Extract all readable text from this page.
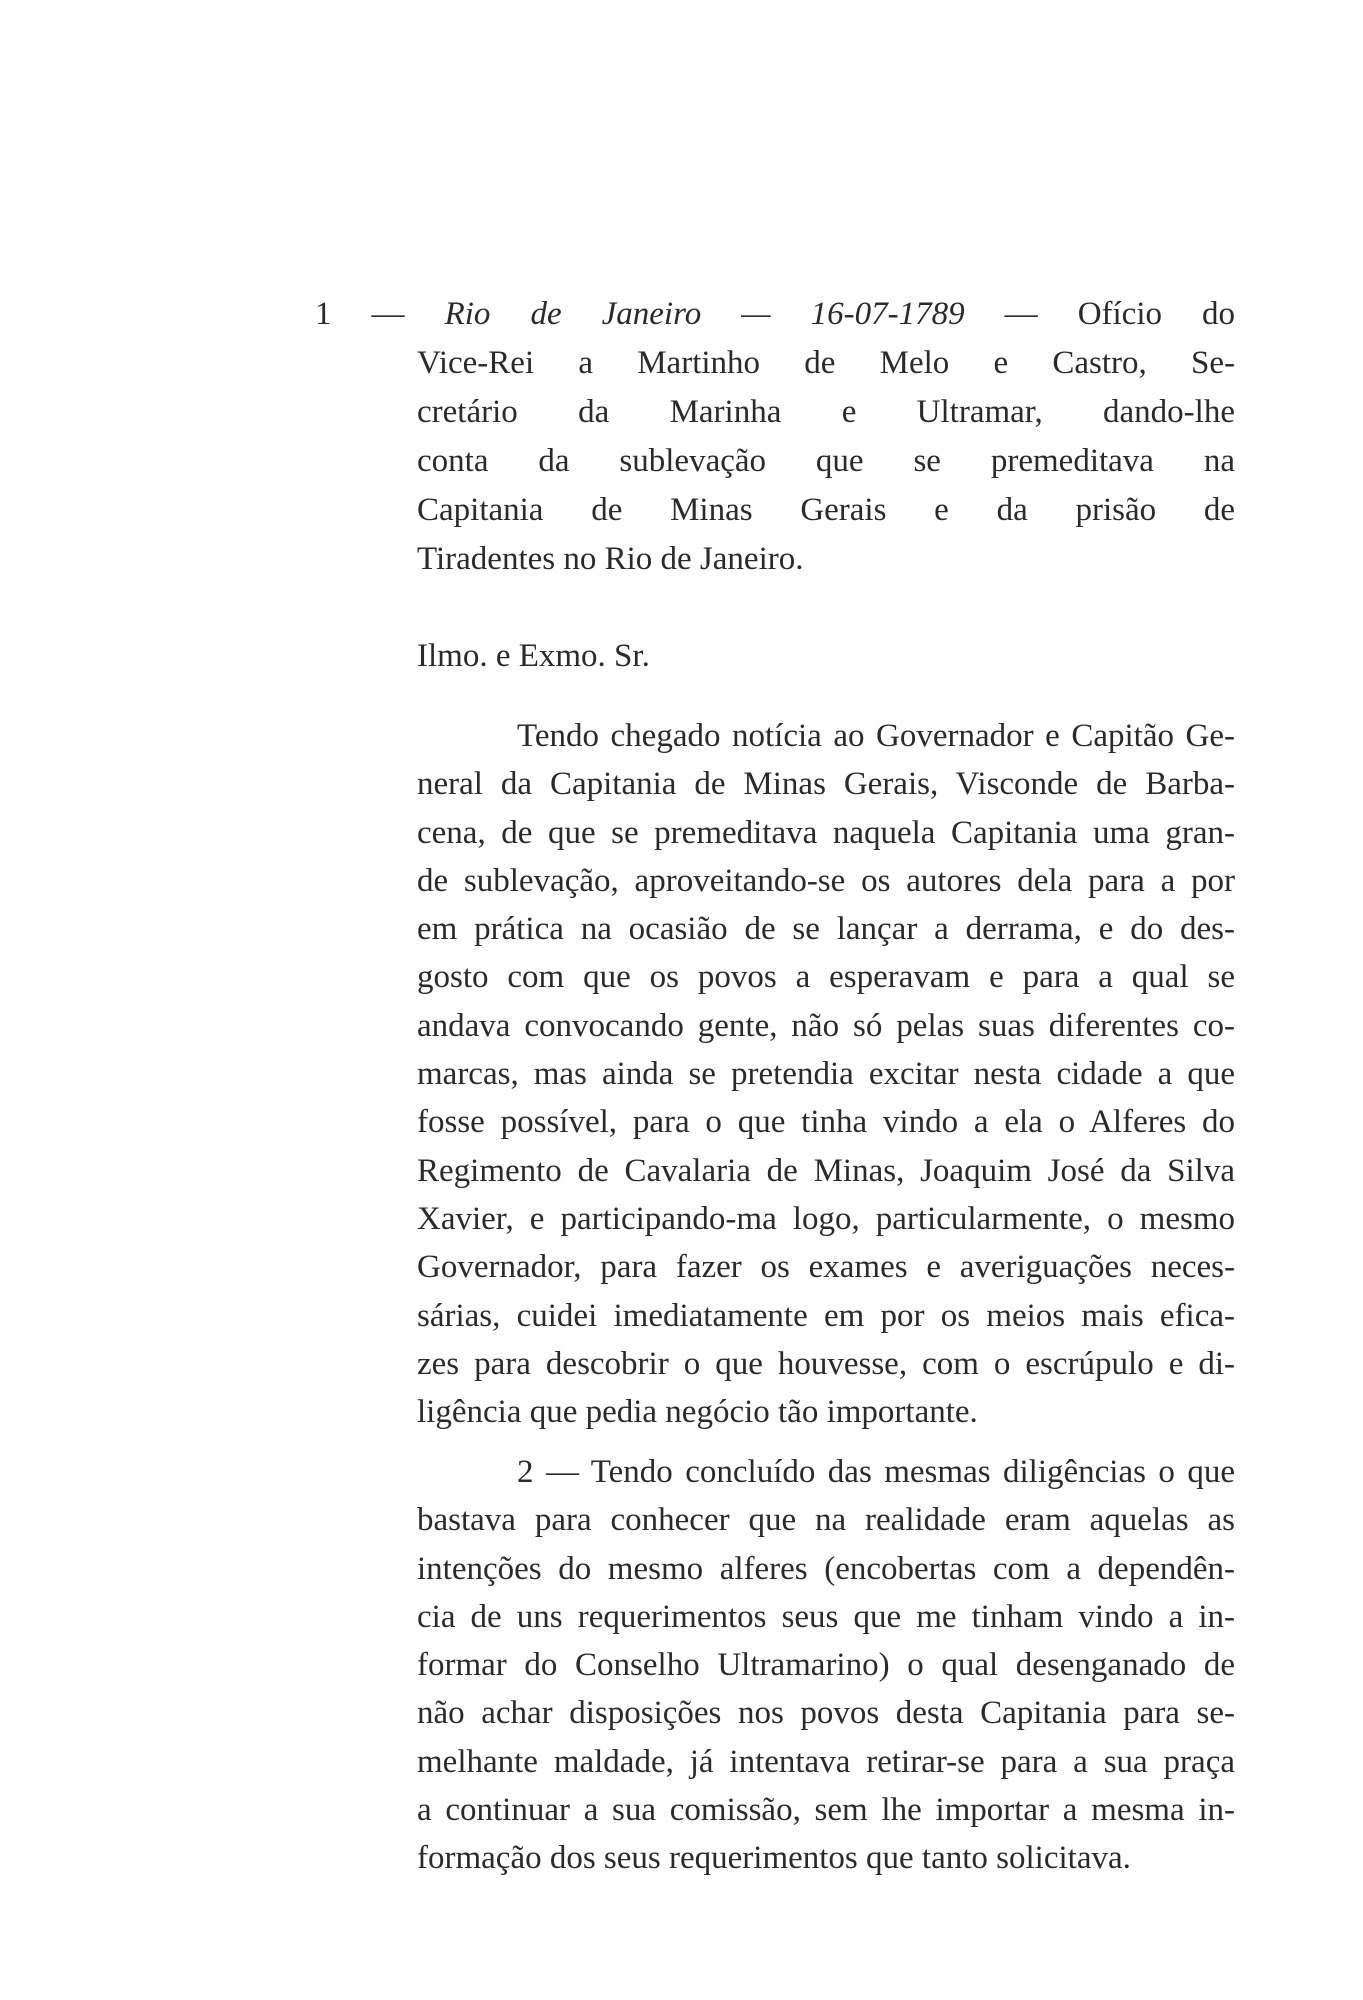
1 — Rio de Janeiro — 16-07-1789 — Ofício do
Vice-Rei a Martinho de Melo e Castro, Se-
cretário da Marinha e Ultramar, dando-lhe
conta da sublevação que se premeditava na
Capitania de Minas Gerais e da prisão de
Tiradentes no Rio de Janeiro.
Ilmo. e Exmo. Sr.
Tendo chegado notícia ao Governador e Capitão Ge-
neral da Capitania de Minas Gerais, Visconde de Barba-
cena, de que se premeditava naquela Capitania uma gran-
de sublevação, aproveitando-se os autores dela para a por
em prática na ocasião de se lançar a derrama, e do des-
gosto com que os povos a esperavam e para a qual se
andava convocando gente, não só pelas suas diferentes co-
marcas, mas ainda se pretendia excitar nesta cidade a que
fosse possível, para o que tinha vindo a ela o Alferes do
Regimento de Cavalaria de Minas, Joaquim José da Silva
Xavier, e participando-ma logo, particularmente, o mesmo
Governador, para fazer os exames e averiguações neces-
sárias, cuidei imediatamente em por os meios mais efica-
zes para descobrir o que houvesse, com o escrúpulo e di-
ligência que pedia negócio tão importante.
2 — Tendo concluído das mesmas diligências o que
bastava para conhecer que na realidade eram aquelas as
intenções do mesmo alferes (encobertas com a dependên-
cia de uns requerimentos seus que me tinham vindo a in-
formar do Conselho Ultramarino) o qual desenganado de
não achar disposições nos povos desta Capitania para se-
melhante maldade, já intentava retirar-se para a sua praça
a continuar a sua comissão, sem lhe importar a mesma in-
formação dos seus requerimentos que tanto solicitava.
